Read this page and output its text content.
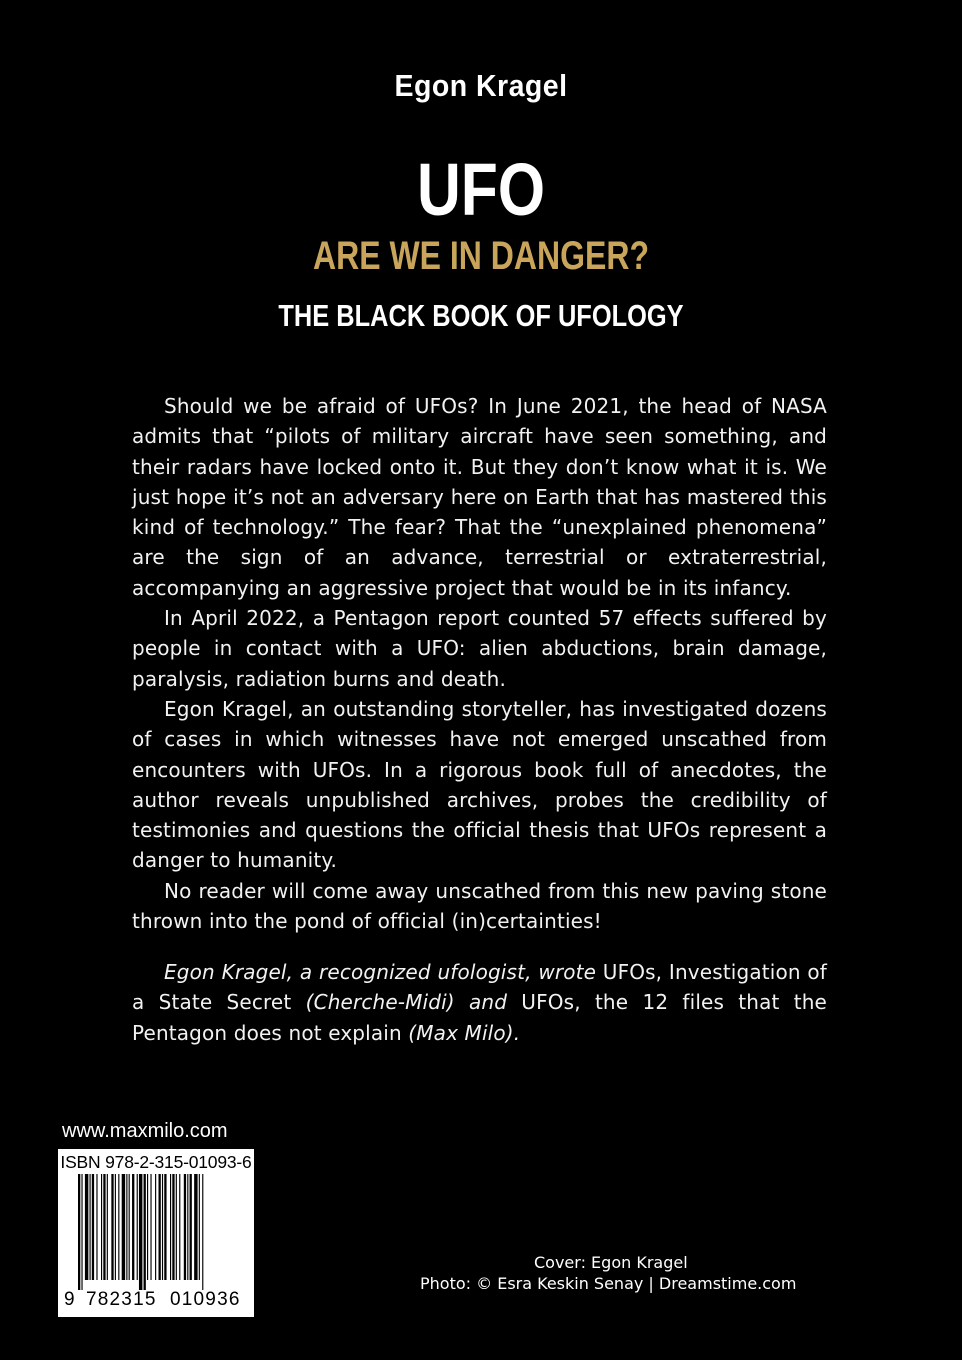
Egon Kragel
UFO
ARE WE IN DANGER?
THE BLACK BOOK OF UFOLOGY

Should we be afraid of UFOs? In June 2021, the head of NASA admits that “pilots of military aircraft have seen something, and their radars have locked onto it. But they don’t know what it is. We just hope it’s not an adversary here on Earth that has mastered this kind of technology.” The fear? That the “unexplained phenomena” are the sign of an advance, terrestrial or extraterrestrial, accompanying an aggressive project that would be in its infancy.

In April 2022, a Pentagon report counted 57 effects suffered by people in contact with a UFO: alien abductions, brain damage, paralysis, radiation burns and death.

Egon Kragel, an outstanding storyteller, has investigated dozens of cases in which witnesses have not emerged unscathed from encounters with UFOs. In a rigorous book full of anecdotes, the author reveals unpublished archives, probes the credibility of testimonies and questions the official thesis that UFOs represent a danger to humanity.

No reader will come away unscathed from this new paving stone thrown into the pond of official (in)certainties!

Egon Kragel, a recognized ufologist, wrote UFOs, Investigation of a State Secret (Cherche-Midi) and UFOs, the 12 files that the Pentagon does not explain (Max Milo).

www.maxmilo.com
ISBN 978-2-315-01093-6
9 782315 010936
Cover: Egon Kragel
Photo: © Esra Keskin Senay | Dreamstime.com
